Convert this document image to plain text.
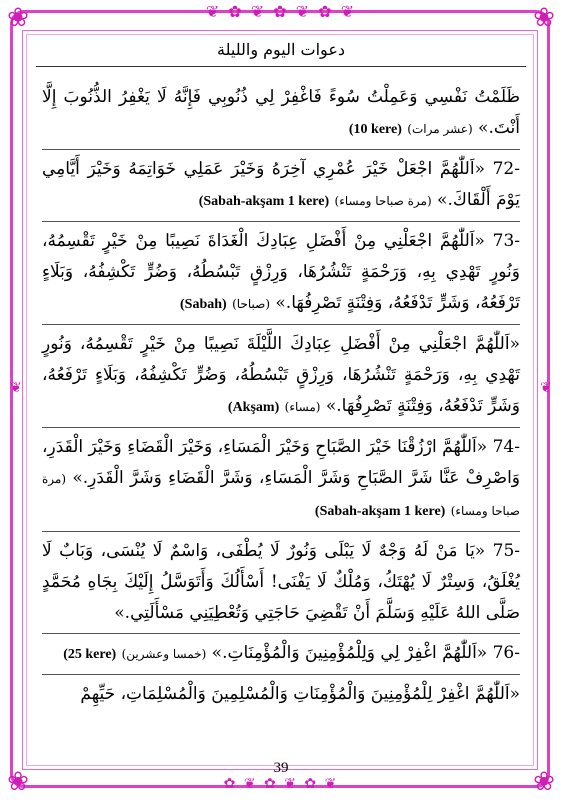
❀	❀
❀	❀
❦ ✿ ❦ ✿ ❦ ✿ ❦
✿ ❦ ✿ ❦ ✿ ❦
❦	❦
دعوات اليوم والليلة

ظَلَمْتُ نَفْسِي وَعَمِلْتُ سُوءً فَاغْفِرْ لِي ذُنُوبِي فَإِنَّهُ لَا يَغْفِرُ الذُّنُوبَ إِلَّا أَنْتَ.» (عشر مرات) (10 kere)

72- «اَللّٰهُمَّ اجْعَلْ خَيْرَ عُمْرِي آخِرَهُ وَخَيْرَ عَمَلِي خَوَاتِمَهُ وَخَيْرَ أَيَّامِي يَوْمَ أَلْقَاكَ.» (مرة صباحا ومساء) (Sabah-akşam 1 kere)

73- «اَللّٰهُمَّ اجْعَلْنِي مِنْ أَفْضَلِ عِبَادِكَ الْغَدَاةَ نَصِيبًا مِنْ خَيْرٍ تَقْسِمُهُ، وَنُورٍ تَهْدِي بِهِ، وَرَحْمَةٍ تَنْشُرُهَا، وَرِزْقٍ تَبْسُطُهُ، وَضُرٍّ تَكْشِفُهُ، وَبَلَاءٍ تَرْفَعُهُ، وَشَرٍّ تَدْفَعُهُ، وَفِتْنَةٍ تَصْرِفُهَا.» (صباحا) (Sabah)

«اَللّٰهُمَّ اجْعَلْنِي مِنْ أَفْضَلِ عِبَادِكَ اللَّيْلَةَ نَصِيبًا مِنْ خَيْرٍ تَقْسِمُهُ، وَنُورٍ تَهْدِي بِهِ، وَرَحْمَةٍ تَنْشُرُهَا، وَرِزْقٍ تَبْسُطُهُ، وَضُرٍّ تَكْشِفُهُ، وَبَلَاءٍ تَرْفَعُهُ، وَشَرٍّ تَدْفَعُهُ، وَفِتْنَةٍ تَصْرِفُهَا.» (مساء) (Akşam)

74- «اَللّٰهُمَّ ارْزُقْنَا خَيْرَ الصَّبَاحِ وَخَيْرَ الْمَسَاءِ، وَخَيْرَ الْقَضَاءِ وَخَيْرَ الْقَدَرِ، وَاصْرِفْ عَنَّا شَرَّ الصَّبَاحِ وَشَرَّ الْمَسَاءِ، وَشَرَّ الْقَضَاءِ وَشَرَّ الْقَدَرِ.» (مرة صباحا ومساء) (Sabah-akşam 1 kere)

75- «يَا مَنْ لَهُ وَجْهٌ لَا يَبْلَى وَنُورٌ لَا يُطْفَى، وَاسْمٌ لَا يُنْسَى، وَبَابٌ لَا يُغْلَقُ، وَسِتْرٌ لَا يُهْتَكُ، وَمُلْكٌ لَا يَفْنَى! أَسْأَلُكَ وَأَتَوَسَّلُ إِلَيْكَ بِجَاهِ مُحَمَّدٍ صَلَّى اللهُ عَلَيْهِ وَسَلَّمَ أَنْ تَقْضِيَ حَاجَتِي وَتُعْطِيَنِي مَسْأَلَتِي.»

76- «اَللّٰهُمَّ اغْفِرْ لِي وَلِلْمُؤْمِنِينَ وَالْمُؤْمِنَاتِ.» (خمسا وعشرين) (25 kere)

«اَللّٰهُمَّ اغْفِرْ لِلْمُؤْمِنِينَ وَالْمُؤْمِنَاتِ وَالْمُسْلِمِينَ وَالْمُسْلِمَاتِ، حَيِّهِمْ

39
